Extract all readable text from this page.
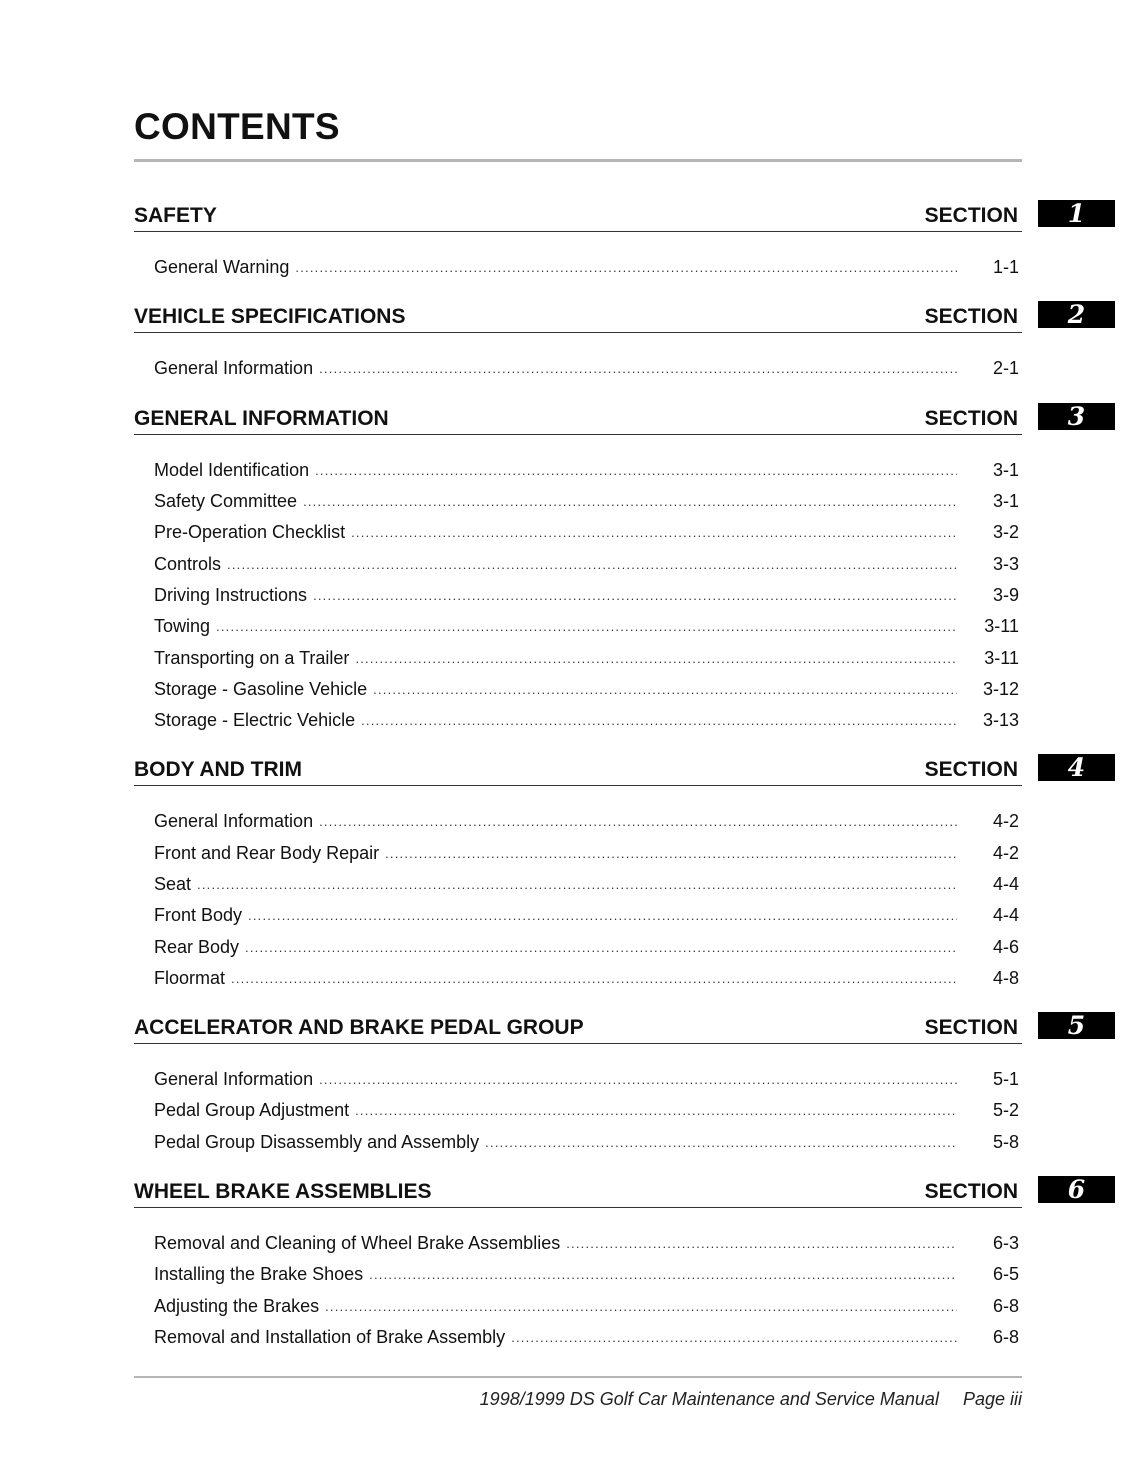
CONTENTS
SAFETY	SECTION	1
General Warning .....	1-1
VEHICLE SPECIFICATIONS	SECTION	2
General Information .....	2-1
GENERAL INFORMATION	SECTION	3
Model Identification .....	3-1
Safety Committee .....	3-1
Pre-Operation Checklist .....	3-2
Controls .....	3-3
Driving Instructions .....	3-9
Towing .....	3-11
Transporting on a Trailer .....	3-11
Storage - Gasoline Vehicle .....	3-12
Storage - Electric Vehicle .....	3-13
BODY AND TRIM	SECTION	4
General Information .....	4-2
Front and Rear Body Repair .....	4-2
Seat .....	4-4
Front Body .....	4-4
Rear Body .....	4-6
Floormat .....	4-8
ACCELERATOR AND BRAKE PEDAL GROUP	SECTION	5
General Information .....	5-1
Pedal Group Adjustment .....	5-2
Pedal Group Disassembly and Assembly .....	5-8
WHEEL BRAKE ASSEMBLIES	SECTION	6
Removal and Cleaning of Wheel Brake Assemblies .....	6-3
Installing the Brake Shoes .....	6-5
Adjusting the Brakes .....	6-8
Removal and Installation of Brake Assembly .....	6-8
1998/1999 DS Golf Car Maintenance and Service Manual Page iii
